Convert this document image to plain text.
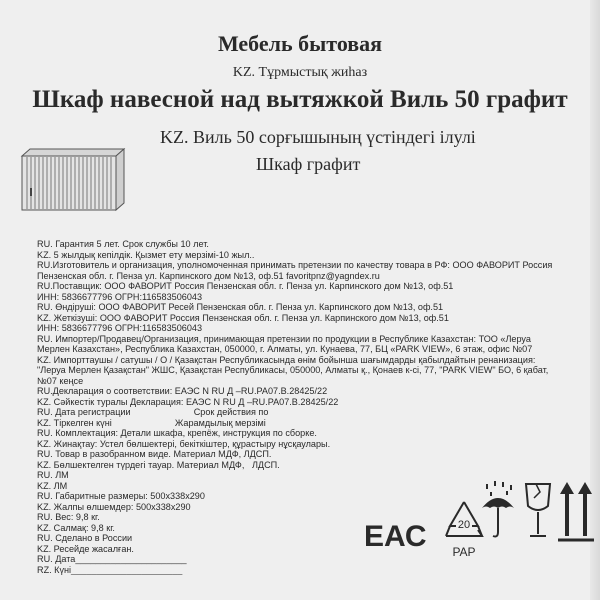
Мебель бытовая
KZ. Тұрмыстық жиһаз
Шкаф навесной над вытяжкой Виль 50 графит
KZ. Виль 50 сорғышының үстіндегі ілулі
Шкаф графит
RU. Гарантия 5 лет. Срок службы 10 лет.
KZ. 5 жылдық кепілдік. Қызмет ету мерзімі-10 жыл..
RU.Изготовитель и организация, уполномоченная принимать претензии по качеству товара в РФ: ООО ФАВОРИТ Россия
Пензенская обл. г. Пенза ул. Карпинского дом №13, оф.51 favoritpnz@yagndex.ru
RU.Поставщик: ООО ФАВОРИТ Россия Пензенская обл. г. Пенза ул. Карпинского дом №13, оф.51
ИНН: 5836677796 ОГРН:116583506043
RU. Өндіруші: ООО ФАВОРИТ Ресей Пензенская обл. г. Пенза ул. Карпинского дом №13, оф.51
KZ. Жеткізуші: ООО ФАВОРИТ Россия Пензенская обл. г. Пенза ул. Карпинского дом №13, оф.51
ИНН: 5836677796 ОГРН:116583506043
RU. Импортер/Продавец/Организация, принимающая претензии по продукции в Республике Казахстан: ТОО «Леруа
Мерлен Казахстан», Республика Казахстан, 050000, г. Алматы, ул. Кунаева, 77, БЦ «PARK VIEW», 6 этаж, офис №07
KZ. Импорттаушы / сатушы / О / Қазақстан Республикасында өнім бойынша шағымдарды қабылдайтын ренанизация:
"Леруа Мерлен Қазақстан" ЖШС, Қазақстан Республикасы, 050000, Алматы қ., Қонаев к-сі, 77, "PARK VIEW" БО, 6 қабат,
№07 кеңсе
RU.Декларация о соответствии: ЕАЭС N RU Д –RU.PA07.B.28425/22
KZ. Сәйкестік туралы Декларация: ЕАЭС N RU Д –RU.PA07.B.28425/22
RU. Дата регистрации                         Срок действия по
KZ. Тіркелген күні                         Жарамдылық мерзімі
RU. Комплектация: Детали шкафа, крепёж, инструкция по сборке.
KZ. Жинақтау: Устел бөлшектері, бекіткіштер, құрастыру нұсқаулары.
RU. Товар в разобранном виде. Материал МДФ, ЛДСП.
KZ. Бөлшектелген түрдегі тауар. Материал МДФ,   ЛДСП.
RU. ЛМ
KZ. ЛМ
RU. Габаритные размеры: 500x338x290
KZ. Жалпы өлшемдер: 500x338x290
RU. Вес: 9,8 кг.
KZ. Салмақ: 9,8 кг.
RU. Сделано в России
KZ. Ресейде жасалған.
RU. Дата______________________
RZ. Күні______________________
ЕАС	20
PAP
